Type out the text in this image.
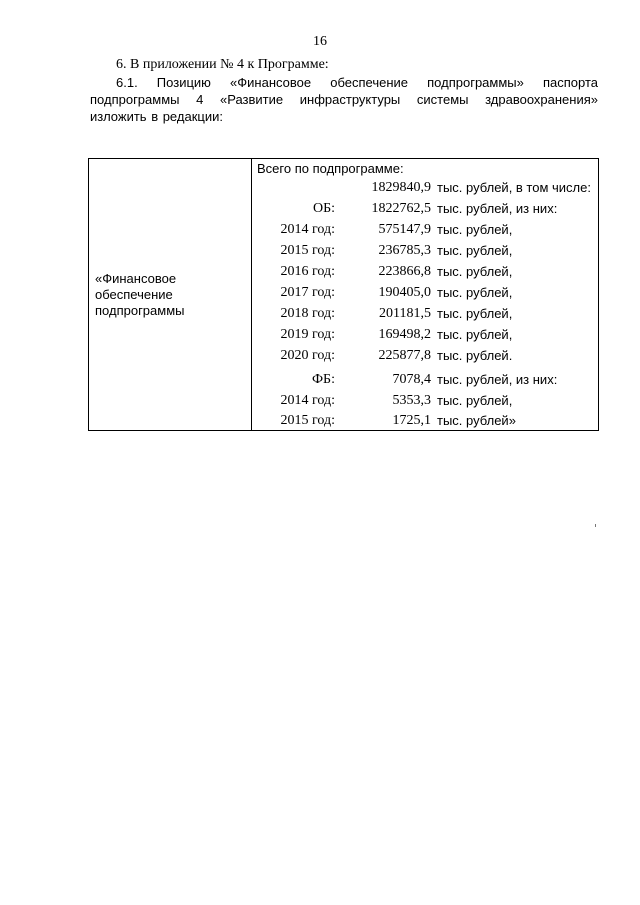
16
6. В приложении № 4 к Программе:
6.1. Позицию «Финансовое обеспечение подпрограммы» паспорта подпрограммы 4 «Развитие инфраструктуры системы здравоохранения» изложить в редакции:
«Финансовое
обеспечение
подпрограммы
Всего по подпрограмме:
1829840,9 тыс. рублей, в том числе:
ОБ:	1822762,5 тыс. рублей, из них:
2014 год:	575147,9 тыс. рублей,
2015 год:	236785,3 тыс. рублей,
2016 год:	223866,8 тыс. рублей,
2017 год:	190405,0 тыс. рублей,
2018 год:	201181,5 тыс. рублей,
2019 год:	169498,2 тыс. рублей,
2020 год:	225877,8 тыс. рублей.
ФБ:	7078,4 тыс. рублей, из них:
2014 год:	5353,3 тыс. рублей,
2015 год:	1725,1 тыс. рублей»
